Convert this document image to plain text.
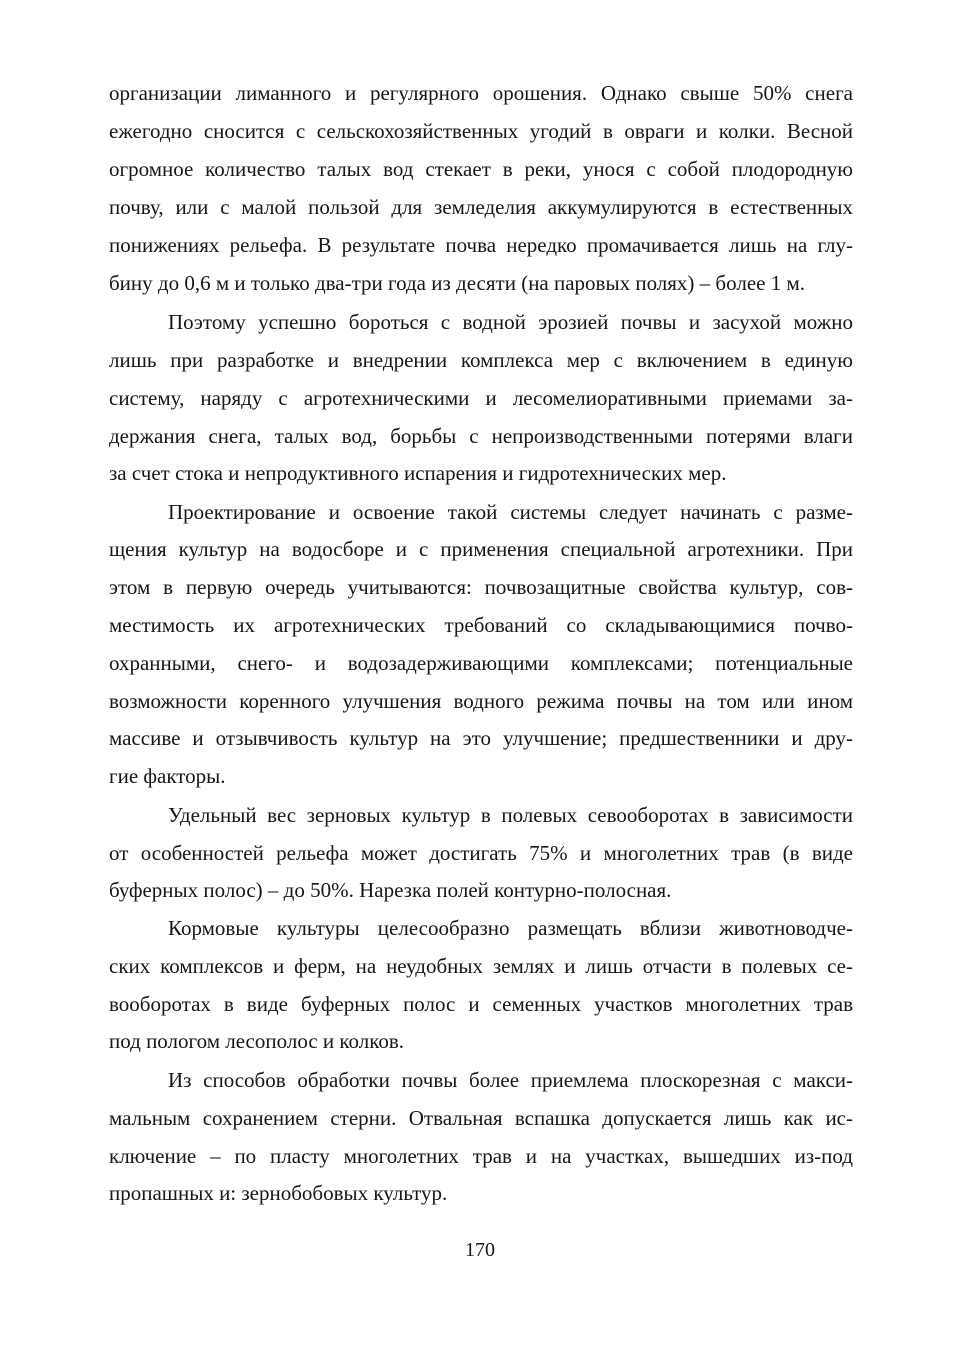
организации лиманного и регулярного орошения. Однако свыше 50% снега
ежегодно сносится с сельскохозяйственных угодий в овраги и колки. Весной
огромное количество талых вод стекает в реки, унося с собой плодородную
почву, или с малой пользой для земледелия аккумулируются в естественных
понижениях рельефа. В результате почва нередко промачивается лишь на глу-
бину до 0,6 м и только два-три года из десяти (на паровых полях) – более 1 м.
Поэтому успешно бороться с водной эрозией почвы и засухой можно
лишь при разработке и внедрении комплекса мер с включением в единую
систему, наряду с агротехническими и лесомелиоративными приемами за-
держания снега, талых вод, борьбы с непроизводственными потерями влаги
за счет стока и непродуктивного испарения и гидротехнических мер.
Проектирование и освоение такой системы следует начинать с разме-
щения культур на водосборе и с применения специальной агротехники. При
этом в первую очередь учитываются: почвозащитные свойства культур, сов-
местимость их агротехнических требований со складывающимися почво-
охранными, снего- и водозадерживающими комплексами; потенциальные
возможности коренного улучшения водного режима почвы на том или ином
массиве и отзывчивость культур на это улучшение; предшественники и дру-
гие факторы.
Удельный вес зерновых культур в полевых севооборотах в зависимости
от особенностей рельефа может достигать 75% и многолетних трав (в виде
буферных полос) – до 50%. Нарезка полей контурно-полосная.
Кормовые культуры целесообразно размещать вблизи животноводче-
ских комплексов и ферм, на неудобных землях и лишь отчасти в полевых се-
вооборотах в виде буферных полос и семенных участков многолетних трав
под пологом лесополос и колков.
Из способов обработки почвы более приемлема плоскорезная с макси-
мальным сохранением стерни. Отвальная вспашка допускается лишь как ис-
ключение – по пласту многолетних трав и на участках, вышедших из-под
пропашных и: зернобобовых культур.
170
